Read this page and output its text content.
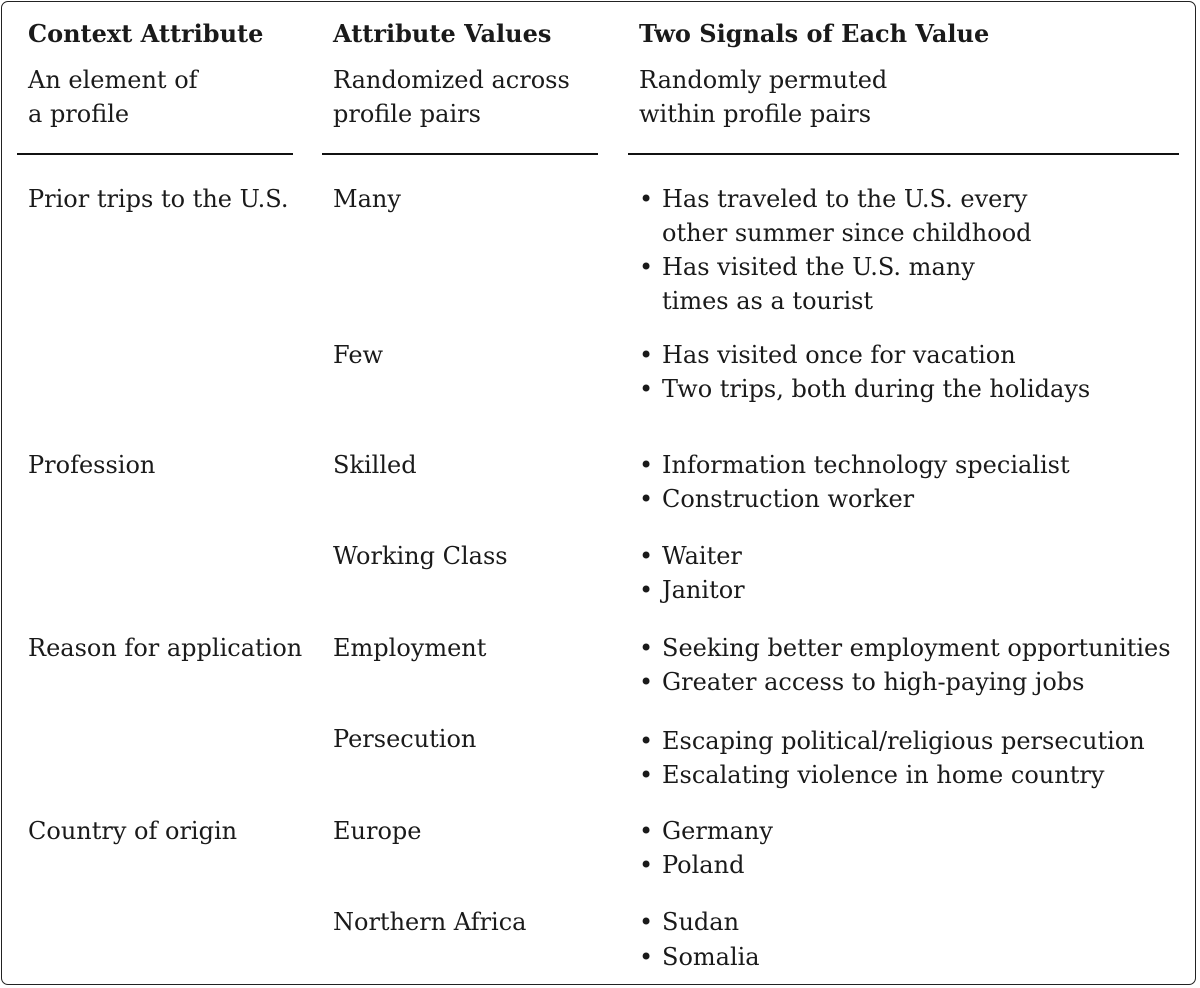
Context Attribute
An element of
a profile
Attribute Values
Randomized across
profile pairs
Two Signals of Each Value
Randomly permuted
within profile pairs
Prior trips to the U.S.
Profession
Reason for application
Country of origin
Many
Few
Skilled
Working Class
Employment
Persecution
Europe
Northern Africa
• Has traveled to the U.S. every
other summer since childhood
• Has visited the U.S. many
times as a tourist
• Has visited once for vacation
• Two trips, both during the holidays
• Information technology specialist
• Construction worker
• Waiter
• Janitor
• Seeking better employment opportunities
• Greater access to high-paying jobs
• Escaping political/religious persecution
• Escalating violence in home country
• Germany
• Poland
• Sudan
• Somalia
